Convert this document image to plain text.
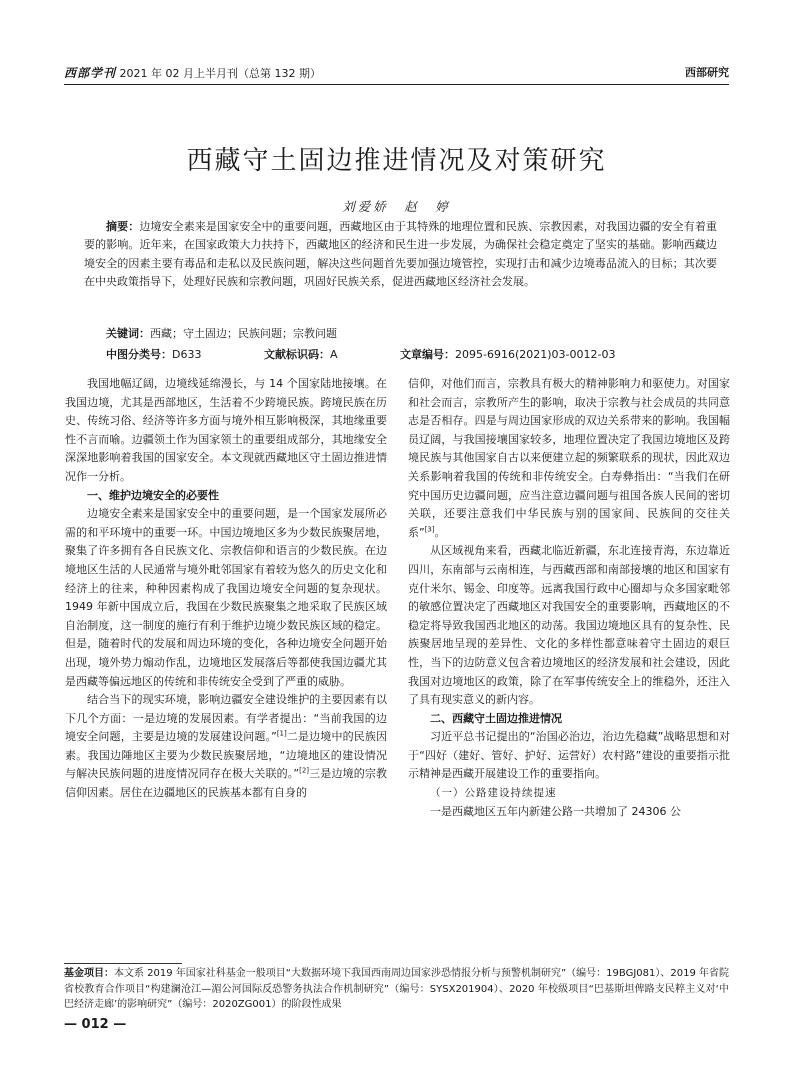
西部学刊 2021 年 02 月上半月刊（总第 132 期）	西部研究
西藏守土固边推进情况及对策研究
刘爱娇　赵　婷
摘要：边境安全素来是国家安全中的重要问题，西藏地区由于其特殊的地理位置和民族、宗教因素，对我国边疆的安全有着重要的影响。近年来，在国家政策大力扶持下，西藏地区的经济和民生进一步发展，为确保社会稳定奠定了坚实的基础。影响西藏边境安全的因素主要有毒品和走私以及民族问题，解决这些问题首先要加强边境管控，实现打击和减少边境毒品流入的目标；其次要在中央政策指导下，处理好民族和宗教问题，巩固好民族关系，促进西藏地区经济社会发展。
关键词：西藏；守土固边；民族问题；宗教问题
中图分类号：D633	文献标识码：A	文章编号：2095-6916(2021)03-0012-03

我国地幅辽阔，边境线延绵漫长，与 14 个国家陆地接壤。在我国边境，尤其是西部地区，生活着不少跨境民族。跨境民族在历史、传统习俗、经济等许多方面与境外相互影响极深，其地缘重要性不言而喻。边疆领土作为国家领土的重要组成部分，其地缘安全深深地影响着我国的国家安全。本文现就西藏地区守土固边推进情况作一分析。

一、维护边境安全的必要性

边境安全素来是国家安全中的重要问题，是一个国家发展所必需的和平环境中的重要一环。中国边境地区多为少数民族聚居地，聚集了许多拥有各自民族文化、宗教信仰和语言的少数民族。在边境地区生活的人民通常与境外毗邻国家有着较为悠久的历史文化和经济上的往来，种种因素构成了我国边境安全问题的复杂现状。1949 年新中国成立后，我国在少数民族聚集之地采取了民族区域自治制度，这一制度的施行有利于维护边境少数民族区域的稳定。但是，随着时代的发展和周边环境的变化，各种边境安全问题开始出现，境外势力煽动作乱，边境地区发展落后等都使我国边疆尤其是西藏等偏远地区的传统和非传统安全受到了严重的威胁。

结合当下的现实环境，影响边疆安全建设维护的主要因素有以下几个方面：一是边境的发展因素。有学者提出：“当前我国的边境安全问题，主要是边境的发展建设问题。”[1]二是边境中的民族因素。我国边陲地区主要为少数民族聚居地，“边境地区的建设情况与解决民族问题的进度情况同存在极大关联的。”[2]三是边境的宗教信仰因素。居住在边疆地区的民族基本都有自身的

信仰，对他们而言，宗教具有极大的精神影响力和驱使力。对国家和社会而言，宗教所产生的影响，取决于宗教与社会成员的共同意志是否相存。四是与周边国家形成的双边关系带来的影响。我国幅员辽阔，与我国接壤国家较多，地理位置决定了我国边境地区及跨境民族与其他国家自古以来便建立起的频繁联系的现状，因此双边关系影响着我国的传统和非传统安全。白寿彝指出：“当我们在研究中国历史边疆问题，应当注意边疆问题与祖国各族人民间的密切关联，还要注意我们中华民族与别的国家间、民族间的交往关系”[3]。

从区域视角来看，西藏北临近新疆，东北连接青海，东边靠近四川，东南部与云南相连，与西藏西部和南部接壤的地区和国家有克什米尔、锡金、印度等。远离我国行政中心圈却与众多国家毗邻的敏感位置决定了西藏地区对我国安全的重要影响，西藏地区的不稳定将导致我国西北地区的动荡。我国边境地区具有的复杂性、民族聚居地呈现的差异性、文化的多样性都意味着守土固边的艰巨性，当下的边防意义包含着边境地区的经济发展和社会建设，因此我国对边境地区的政策，除了在军事传统安全上的维稳外，还注入了具有现实意义的新内容。

二、西藏守土固边推进情况

习近平总书记提出的“治国必治边，治边先稳藏”战略思想和对于“四好（建好、管好、护好、运营好）农村路”建设的重要指示批示精神是西藏开展建设工作的重要指向。

（一）公路建设持续提速

一是西藏地区五年内新建公路一共增加了 24306 公

基金项目：本文系 2019 年国家社科基金一般项目“大数据环境下我国西南周边国家涉恐情报分析与预警机制研究”（编号：19BGJ081）、2019 年省院省校教育合作项目“构建澜沧江—湄公河国际反恐警务执法合作机制研究”（编号：SYSX201904）、2020 年校级项目“巴基斯坦俾路支民粹主义对‘中巴经济走廊’的影响研究”（编号：2020ZG001）的阶段性成果
— 012 —
